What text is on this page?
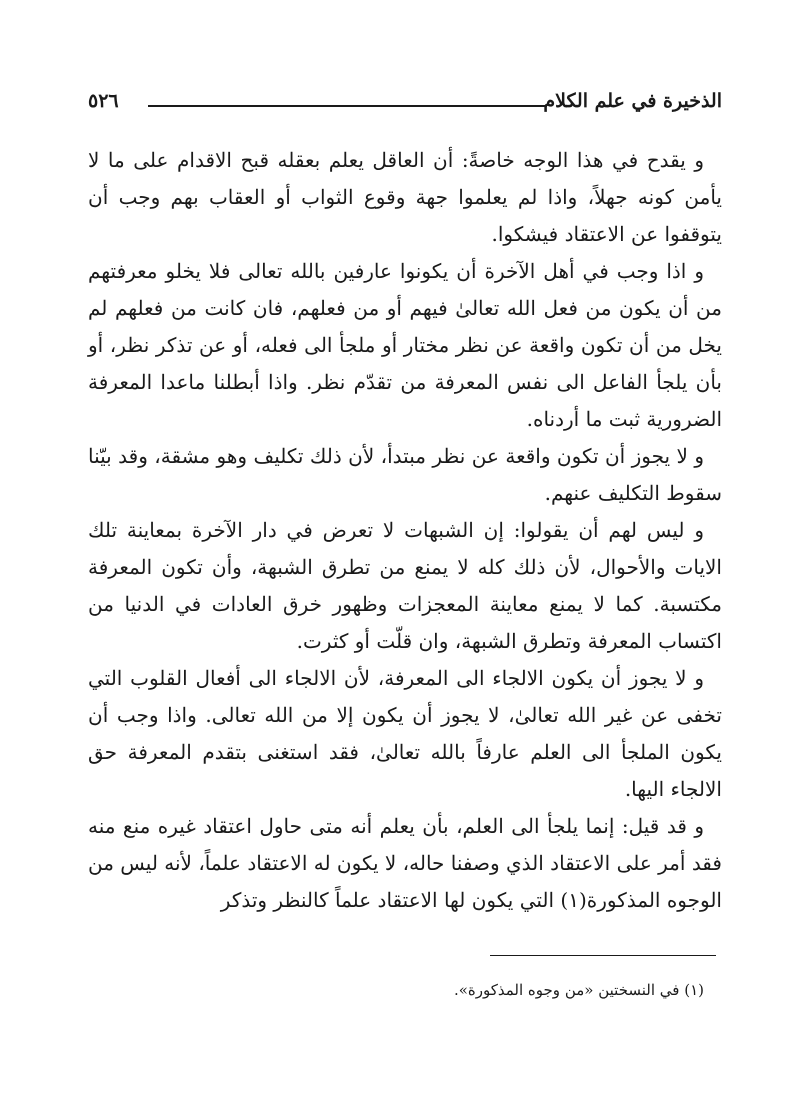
الذخيرة في علم الكلام
٥٢٦

و يقدح في هذا الوجه خاصةً: أن العاقل يعلم بعقله قبح الاقدام على ما لا يأمن كونه جهلاً، واذا لم يعلموا جهة وقوع الثواب أو العقاب بهم وجب أن يتوقفوا عن الاعتقاد فيشكوا.

و اذا وجب في أهل الآخرة أن يكونوا عارفين بالله تعالى فلا يخلو معرفتهم من أن يكون من فعل الله تعالىٰ فيهم أو من فعلهم، فان كانت من فعلهم لم يخل من أن تكون واقعة عن نظر مختار أو ملجأ الى فعله، أو عن تذكر نظر، أو بأن يلجأ الفاعل الى نفس المعرفة من تقدّم نظر. واذا أبطلنا ماعدا المعرفة الضرورية ثبت ما أردناه.

و لا يجوز أن تكون واقعة عن نظر مبتدأ، لأن ذلك تكليف وهو مشقة، وقد بيّنا سقوط التكليف عنهم.

و ليس لهم أن يقولوا: إن الشبهات لا تعرض في دار الآخرة بمعاينة تلك الايات والأحوال، لأن ذلك كله لا يمنع من تطرق الشبهة، وأن تكون المعرفة مكتسبة. كما لا يمنع معاينة المعجزات وظهور خرق العادات في الدنيا من اكتساب المعرفة وتطرق الشبهة، وان قلّت أو كثرت.

و لا يجوز أن يكون الالجاء الى المعرفة، لأن الالجاء الى أفعال القلوب التي تخفى عن غير الله تعالىٰ، لا يجوز أن يكون إلا من الله تعالى. واذا وجب أن يكون الملجأ الى العلم عارفاً بالله تعالىٰ، فقد استغنى بتقدم المعرفة حق الالجاء اليها.

و قد قيل: إنما يلجأ الى العلم، بأن يعلم أنه متى حاول اعتقاد غيره منع منه فقد أمر على الاعتقاد الذي وصفنا حاله، لا يكون له الاعتقاد علماً، لأنه ليس من الوجوه المذكورة(١) التي يكون لها الاعتقاد علماً كالنظر وتذكر

(١) في النسختين «من وجوه المذكورة».
